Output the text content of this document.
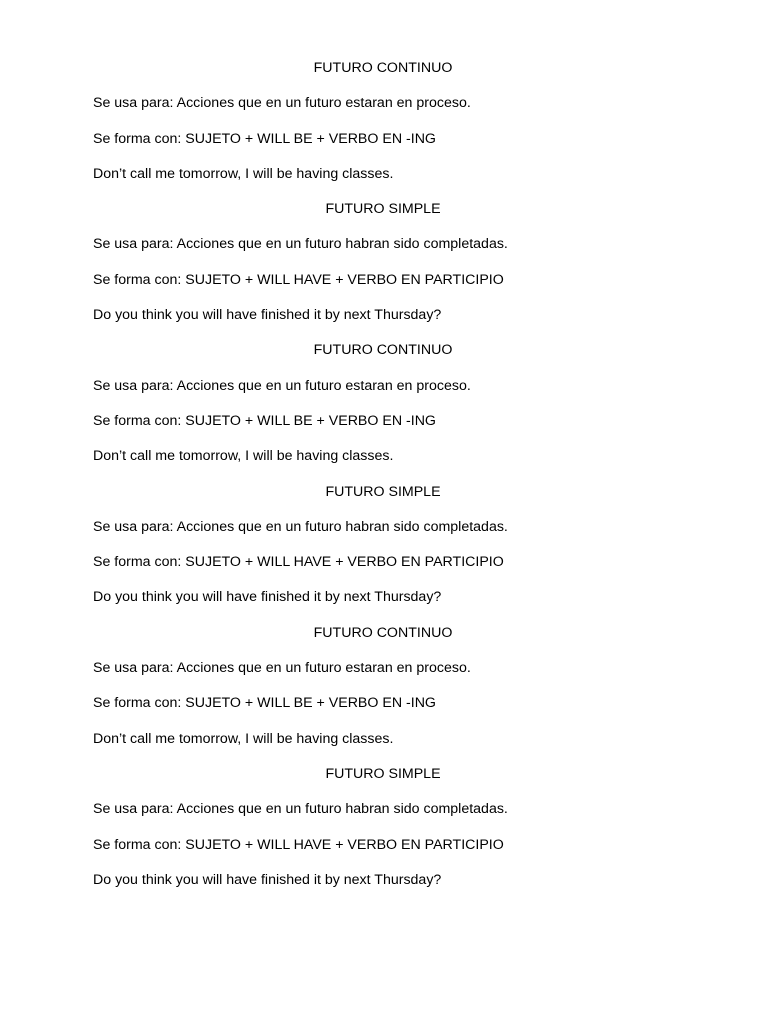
FUTURO CONTINUO

Se usa para: Acciones que en un futuro estaran en proceso.

Se forma con: SUJETO + WILL BE + VERBO EN -ING

Don’t call me tomorrow, I will be having classes.

FUTURO SIMPLE

Se usa para: Acciones que en un futuro habran sido completadas.

Se forma con: SUJETO + WILL HAVE + VERBO EN PARTICIPIO

Do you think you will have finished it by next Thursday?

FUTURO CONTINUO

Se usa para: Acciones que en un futuro estaran en proceso.

Se forma con: SUJETO + WILL BE + VERBO EN -ING

Don’t call me tomorrow, I will be having classes.

FUTURO SIMPLE

Se usa para: Acciones que en un futuro habran sido completadas.

Se forma con: SUJETO + WILL HAVE + VERBO EN PARTICIPIO

Do you think you will have finished it by next Thursday?

FUTURO CONTINUO

Se usa para: Acciones que en un futuro estaran en proceso.

Se forma con: SUJETO + WILL BE + VERBO EN -ING

Don’t call me tomorrow, I will be having classes.

FUTURO SIMPLE

Se usa para: Acciones que en un futuro habran sido completadas.

Se forma con: SUJETO + WILL HAVE + VERBO EN PARTICIPIO

Do you think you will have finished it by next Thursday?
